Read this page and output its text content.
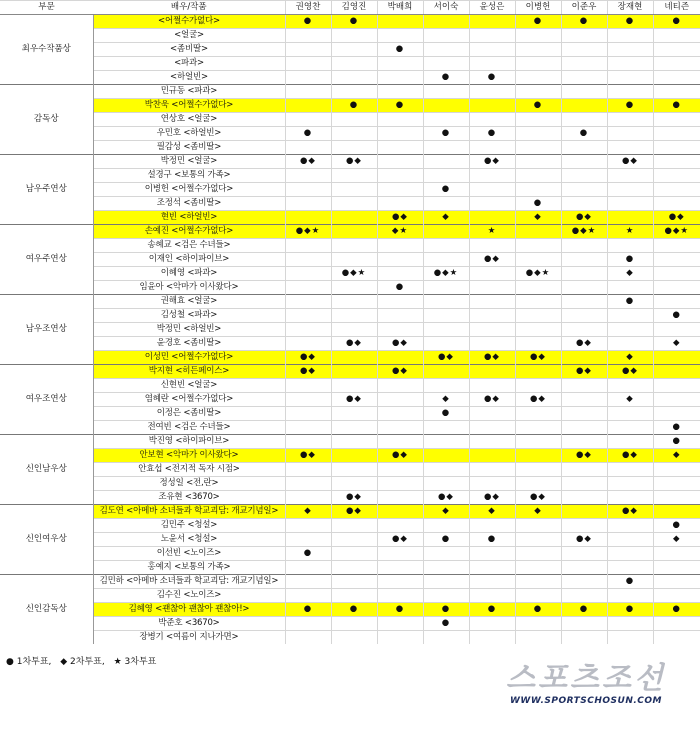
부문	배우/작품	권영찬	김영진	박배희	서이숙	윤성은	이병헌	이준우	장재현	네티즌
최우수작품상	<어쩔수가없다>	●	●				●	●	●	●
	<얼굴>									
	<좀비딸>			●						
	<파과>									
	<하얼빈>				●	●				
감독상	민규동 <파과>									
	박찬욱 <어쩔수가없다>		●	●			●		●	●
	연상호 <얼굴>									
	우민호 <하얼빈>	●			●	●		●		
	필감성 <좀비딸>									
남우주연상	박정민 <얼굴>	●◆	●◆			●◆			●◆	
	설경구 <보통의 가족>									
	이병헌 <어쩔수가없다>				●					
	조정석 <좀비딸>						●			
	현빈 <하얼빈>			●◆	◆		◆	●◆		●◆
여우주연상	손예진 <어쩔수가없다>	●◆★		◆★		★		●◆★	★	●◆★
	송혜교 <검은 수녀들>									
	이재인 <하이파이브>					●◆			●	
	이혜영 <파과>		●◆★		●◆★		●◆★		◆	
	임윤아 <악마가 이사왔다>			●						
남우조연상	권해효 <얼굴>								●	
	김성철 <파과>									●
	박정민 <하얼빈>									
	윤경호 <좀비딸>		●◆	●◆				●◆		◆
	이성민 <어쩔수가없다>	●◆			●◆	●◆	●◆		◆	
여우조연상	박지현 <히든페이스>	●◆		●◆				●◆	●◆	
	신현빈 <얼굴>									
	염혜란 <어쩔수가없다>		●◆		◆	●◆	●◆		◆	
	이정은 <좀비딸>				●					
	전여빈 <검은 수녀들>									●
신인남우상	박진영 <하이파이브>									●
	안보현 <악마가 이사왔다>	●◆		●◆				●◆	●◆	◆
	안효섭 <전지적 독자 시점>									
	정성일 <전,란>									
	조유현 <3670>		●◆		●◆	●◆	●◆			
신인여우상	김도연 <아메바 소녀들과 학교괴담: 개교기념일>	◆	●◆		◆	◆	◆		●◆	
	김민주 <청설>									●
	노윤서 <청설>			●◆	●	●		●◆		◆
	이선빈 <노이즈>	●								
	홍예지 <보통의 가족>									
신인감독상	김민하 <아메바 소녀들과 학교괴담: 개교기념일>								●	
	김수진 <노이즈>									
	김혜영 <괜찮아 괜찮아 괜찮아!>	●	●	●	●	●	●	●	●	●
	박준호 <3670>				●					
	장병기 <여름이 지나가면>									
● 1차투표, ◆ 2차투표, ★ 3차투표	스포츠조선
WWW.SPORTSCHOSUN.COM
